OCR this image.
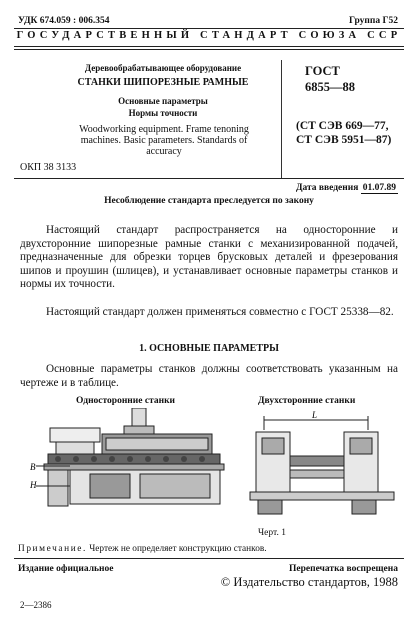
УДК 674.059 : 006.354	Группа Г52
ГОСУДАРСТВЕННЫЙ СТАНДАРТ СОЮЗА ССР
Деревообрабатывающее оборудование
СТАНКИ ШИПОРЕЗНЫЕ РАМНЫЕ
Основные параметры
Нормы точности
Woodworking equipment. Frame tenoning machines. Basic parameters. Standards of accuracy
ОКП 38 3133
ГОСТ
6855—88
(СТ СЭВ 669—77,
СТ СЭВ 5951—87)
Дата введения 01.07.89
Несоблюдение стандарта преследуется по закону
Настоящий стандарт распространяется на односторонние и двухсторонние шипорезные рамные станки с механизированной подачей, предназначенные для обрезки торцев брусковых деталей и фрезерования шипов и проушин (шлицев), и устанавливает основные параметры станков и нормы их точности.
Настоящий стандарт должен применяться совместно с ГОСТ 25338—82.
1. ОСНОВНЫЕ ПАРАМЕТРЫ
Основные параметры станков должны соответствовать указанным на чертеже и в таблице.
Односторонние станки	Двухсторонние станки
B
H
L
Черт. 1
Примечание. Чертеж не определяет конструкцию станков.
Издание официальное	Перепечатка воспрещена
© Издательство стандартов, 1988
2—2386
